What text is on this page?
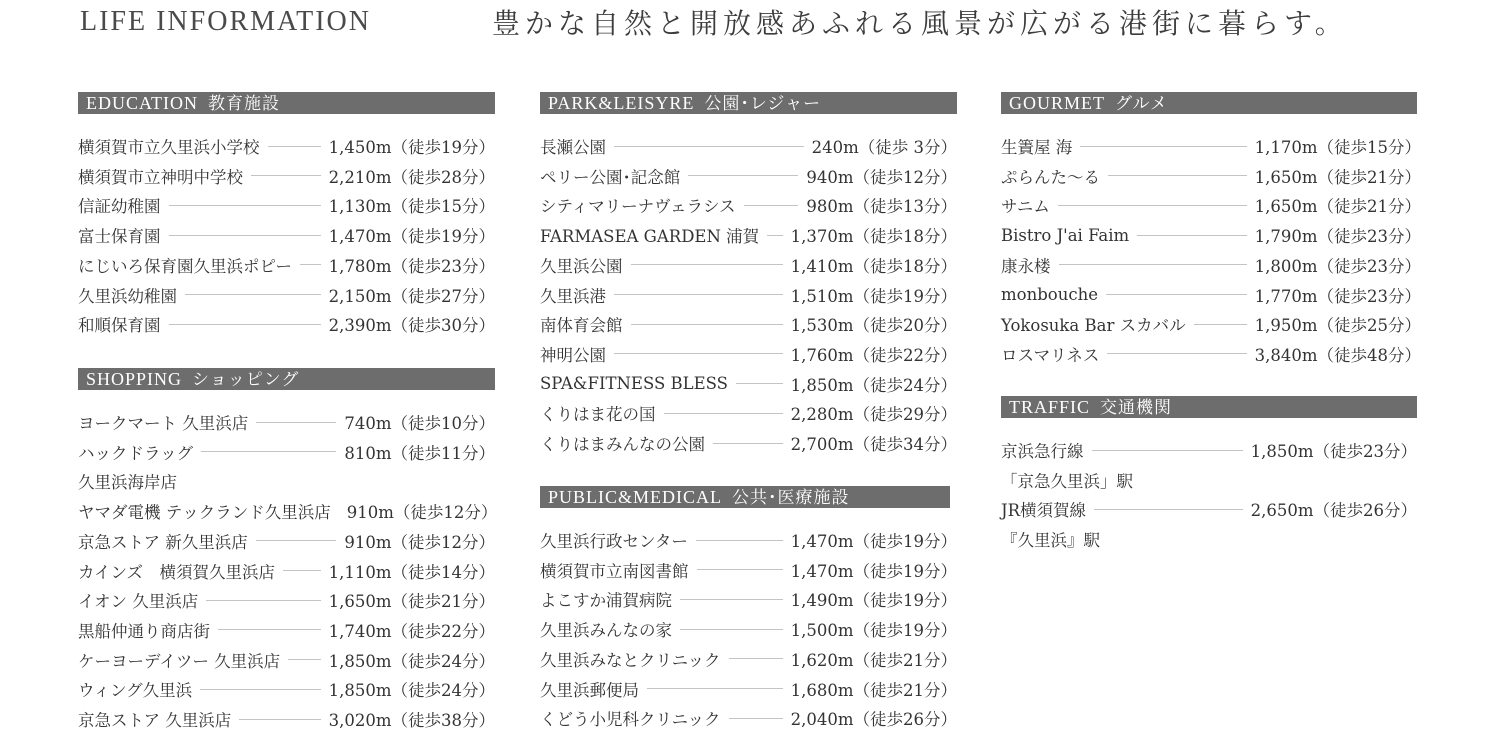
LIFE INFORMATION	豊かな自然と開放感あふれる風景が広がる港街に暮らす。
EDUCATION 教育施設
横須賀市立久里浜小学校	1,450m（徒歩19分）
横須賀市立神明中学校	2,210m（徒歩28分）
信証幼稚園	1,130m（徒歩15分）
富士保育園	1,470m（徒歩19分）
にじいろ保育園久里浜ポピー 1,780m（徒歩23分）
久里浜幼稚園	2,150m（徒歩27分）
和順保育園	2,390m（徒歩30分）
SHOPPING ショッピング
ヨークマート 久里浜店	740m（徒歩10分）
ハックドラッグ	810m（徒歩11分）
久里浜海岸店
ヤマダ電機 テックランド久里浜店 910m（徒歩12分）
京急ストア 新久里浜店	910m（徒歩12分）
カインズ　横須賀久里浜店	1,110m（徒歩14分）
イオン 久里浜店	1,650m（徒歩21分）
黒船仲通り商店街	1,740m（徒歩22分）
ケーヨーデイツー 久里浜店	1,850m（徒歩24分）
ウィング久里浜	1,850m（徒歩24分）
京急ストア 久里浜店	3,020m（徒歩38分）
PARK&LEISYRE 公園･レジャー
長瀬公園	240m（徒歩 3分）
ペリー公園･記念館	940m（徒歩12分）
シティマリーナヴェラシス	980m（徒歩13分）
FARMASEA GARDEN 浦賀 1,370m（徒歩18分）
久里浜公園	1,410m（徒歩18分）
久里浜港	1,510m（徒歩19分）
南体育会館	1,530m（徒歩20分）
神明公園	1,760m（徒歩22分）
SPA&FITNESS BLESS	1,850m（徒歩24分）
くりはま花の国	2,280m（徒歩29分）
くりはまみんなの公園	2,700m（徒歩34分）
PUBLIC&MEDICAL 公共･医療施設
久里浜行政センター	1,470m（徒歩19分）
横須賀市立南図書館	1,470m（徒歩19分）
よこすか浦賀病院	1,490m（徒歩19分）
久里浜みんなの家	1,500m（徒歩19分）
久里浜みなとクリニック	1,620m（徒歩21分）
久里浜郵便局	1,680m（徒歩21分）
くどう小児科クリニック	2,040m（徒歩26分）
GOURMET グルメ
生簀屋 海	1,170m（徒歩15分）
ぷらんた〜る	1,650m（徒歩21分）
サニム	1,650m（徒歩21分）
Bistro J'ai Faim	1,790m（徒歩23分）
康永楼	1,800m（徒歩23分）
monbouche	1,770m（徒歩23分）
Yokosuka Bar スカバル	1,950m（徒歩25分）
ロスマリネス	3,840m（徒歩48分）
TRAFFIC 交通機関
京浜急行線	1,850m（徒歩23分）
「京急久里浜」駅
JR横須賀線	2,650m（徒歩26分）
『久里浜』駅
